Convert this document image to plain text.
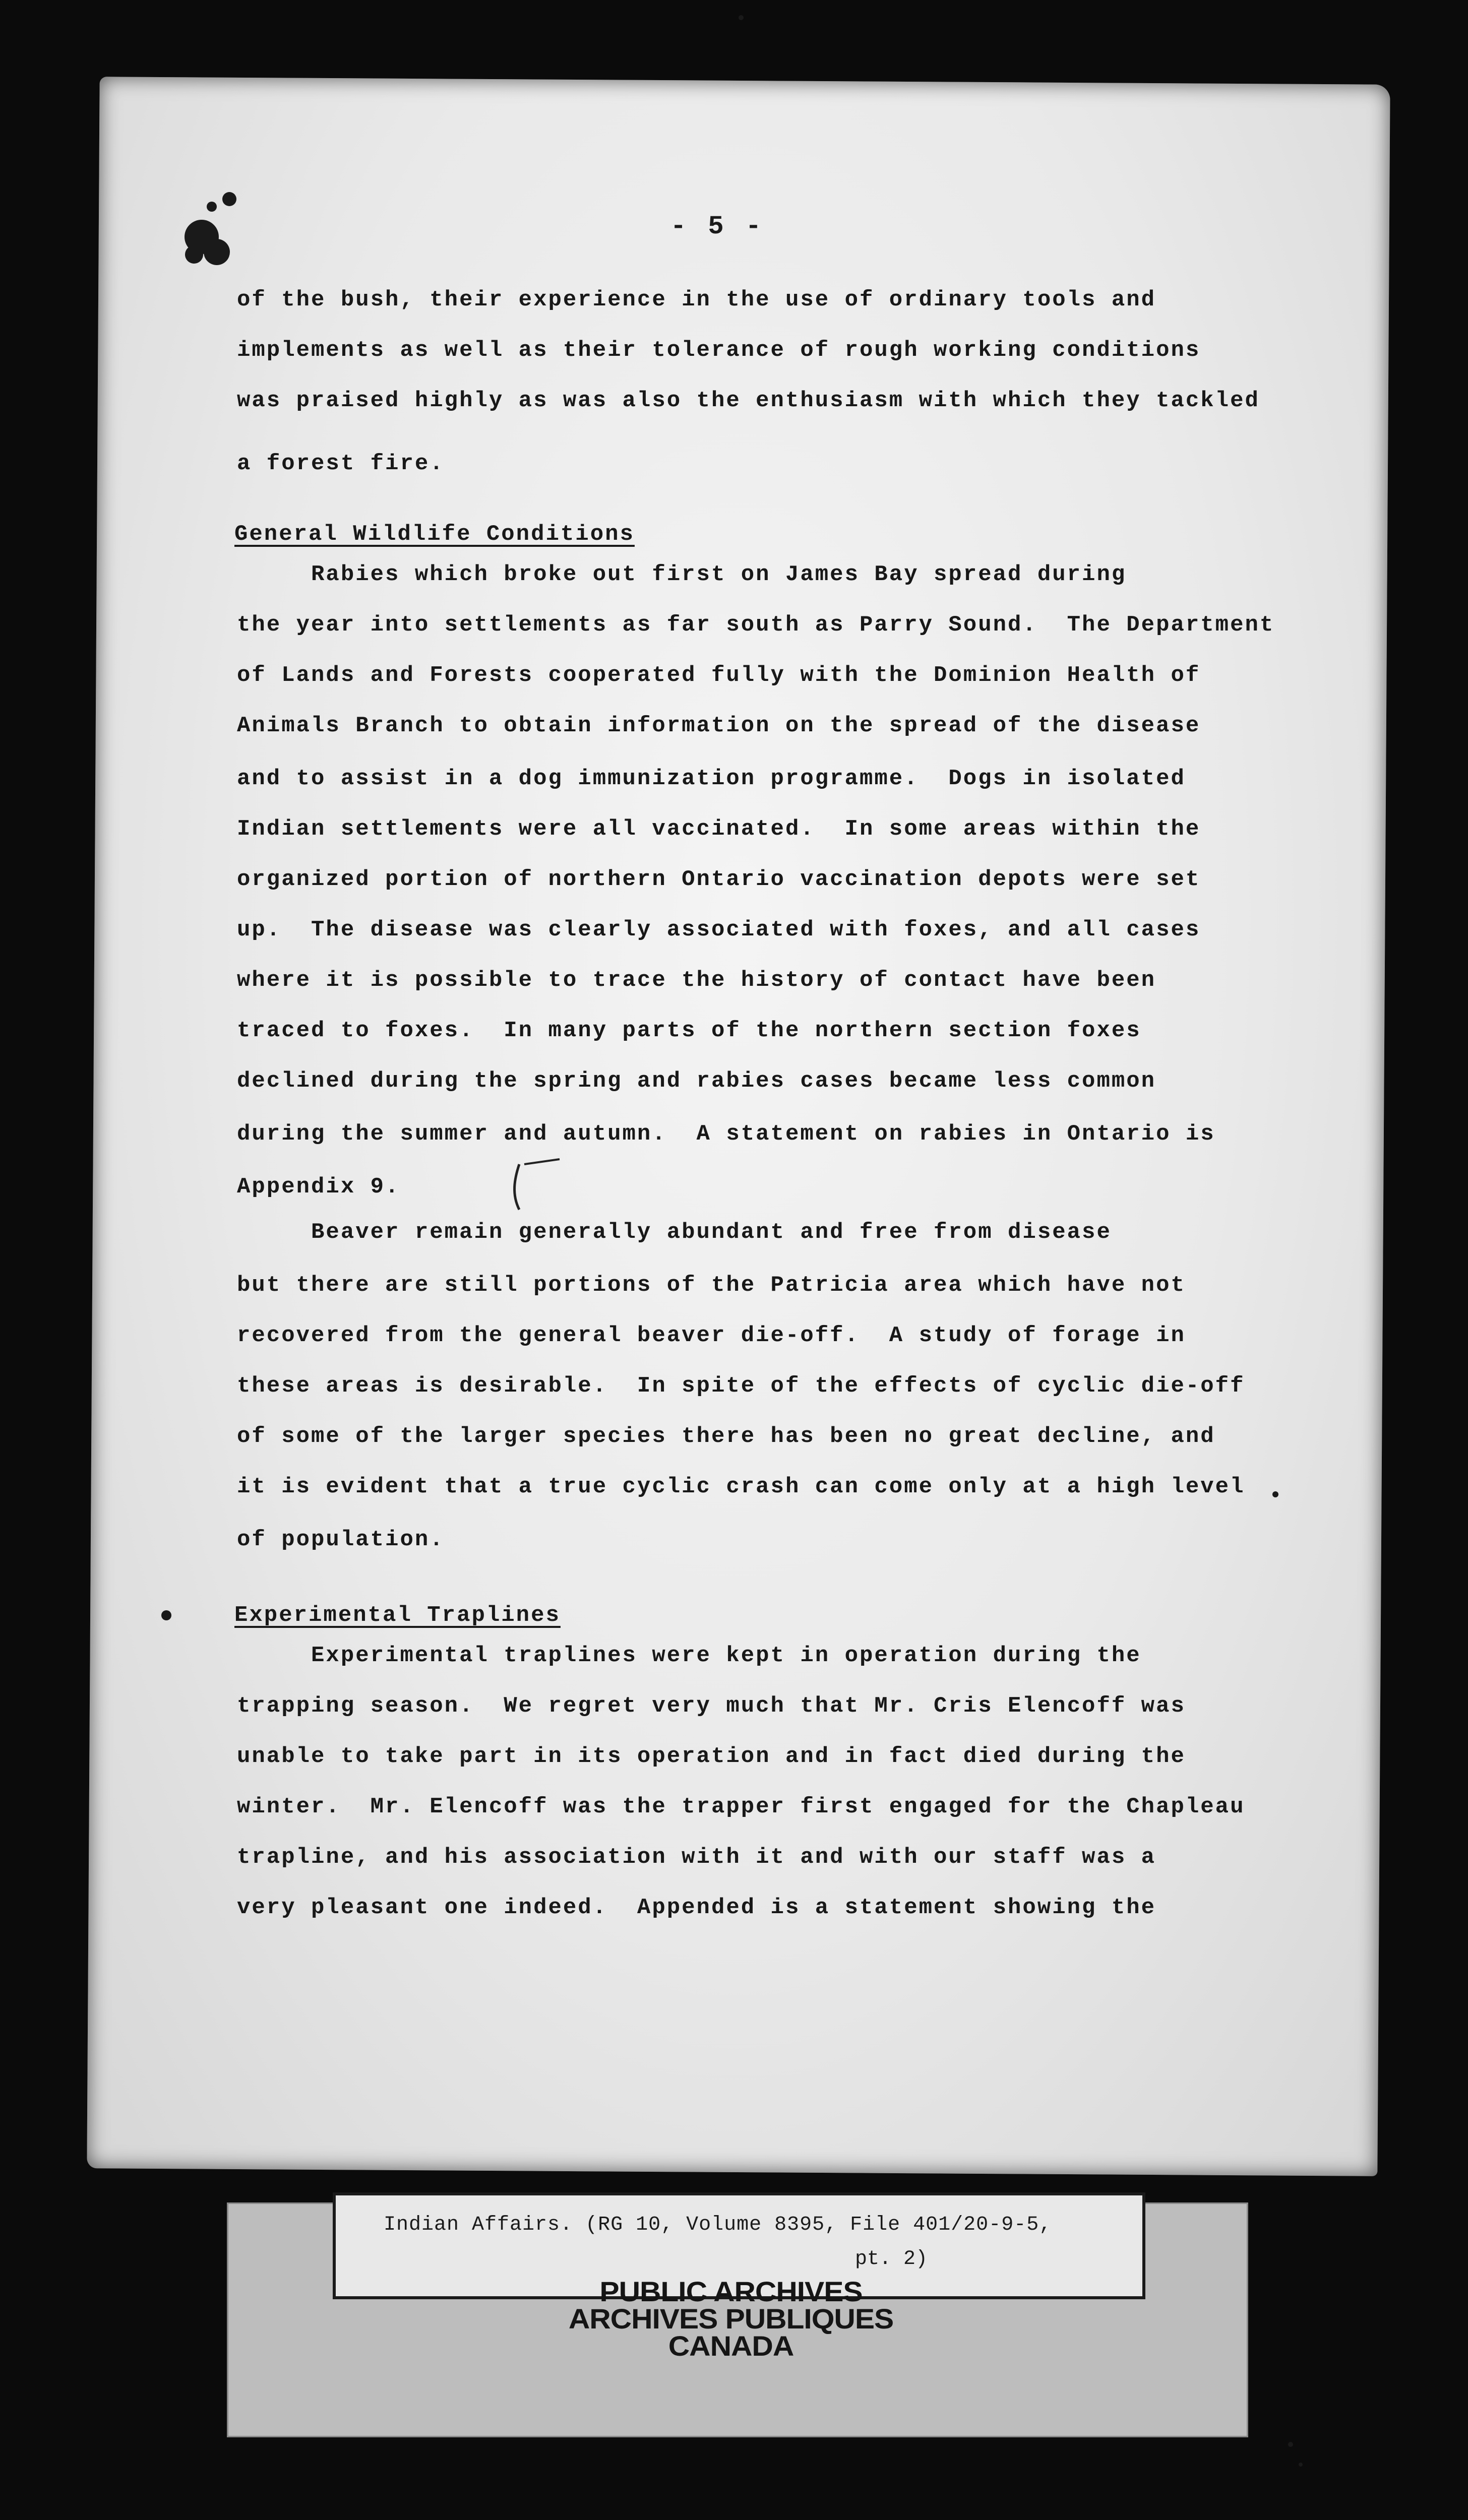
- 5 -
of the bush, their experience in the use of ordinary tools and
implements as well as their tolerance of rough working conditions
was praised highly as was also the enthusiasm with which they tackled
a forest fire.
General Wildlife Conditions
Rabies which broke out first on James Bay spread during
the year into settlements as far south as Parry Sound.  The Department
of Lands and Forests cooperated fully with the Dominion Health of
Animals Branch to obtain information on the spread of the disease
and to assist in a dog immunization programme.  Dogs in isolated
Indian settlements were all vaccinated.  In some areas within the
organized portion of northern Ontario vaccination depots were set
up.  The disease was clearly associated with foxes, and all cases
where it is possible to trace the history of contact have been
traced to foxes.  In many parts of the northern section foxes
declined during the spring and rabies cases became less common
during the summer and autumn.  A statement on rabies in Ontario is
Appendix 9.
Beaver remain generally abundant and free from disease
but there are still portions of the Patricia area which have not
recovered from the general beaver die-off.  A study of forage in
these areas is desirable.  In spite of the effects of cyclic die-off
of some of the larger species there has been no great decline, and
it is evident that a true cyclic crash can come only at a high level
of population.
Experimental Traplines
Experimental traplines were kept in operation during the
trapping season.  We regret very much that Mr. Cris Elencoff was
unable to take part in its operation and in fact died during the
winter.  Mr. Elencoff was the trapper first engaged for the Chapleau
trapline, and his association with it and with our staff was a
very pleasant one indeed.  Appended is a statement showing the
Indian Affairs. (RG 10, Volume 8395, File 401/20-9-5,
pt. 2)
PUBLIC ARCHIVES
ARCHIVES PUBLIQUES
CANADA
